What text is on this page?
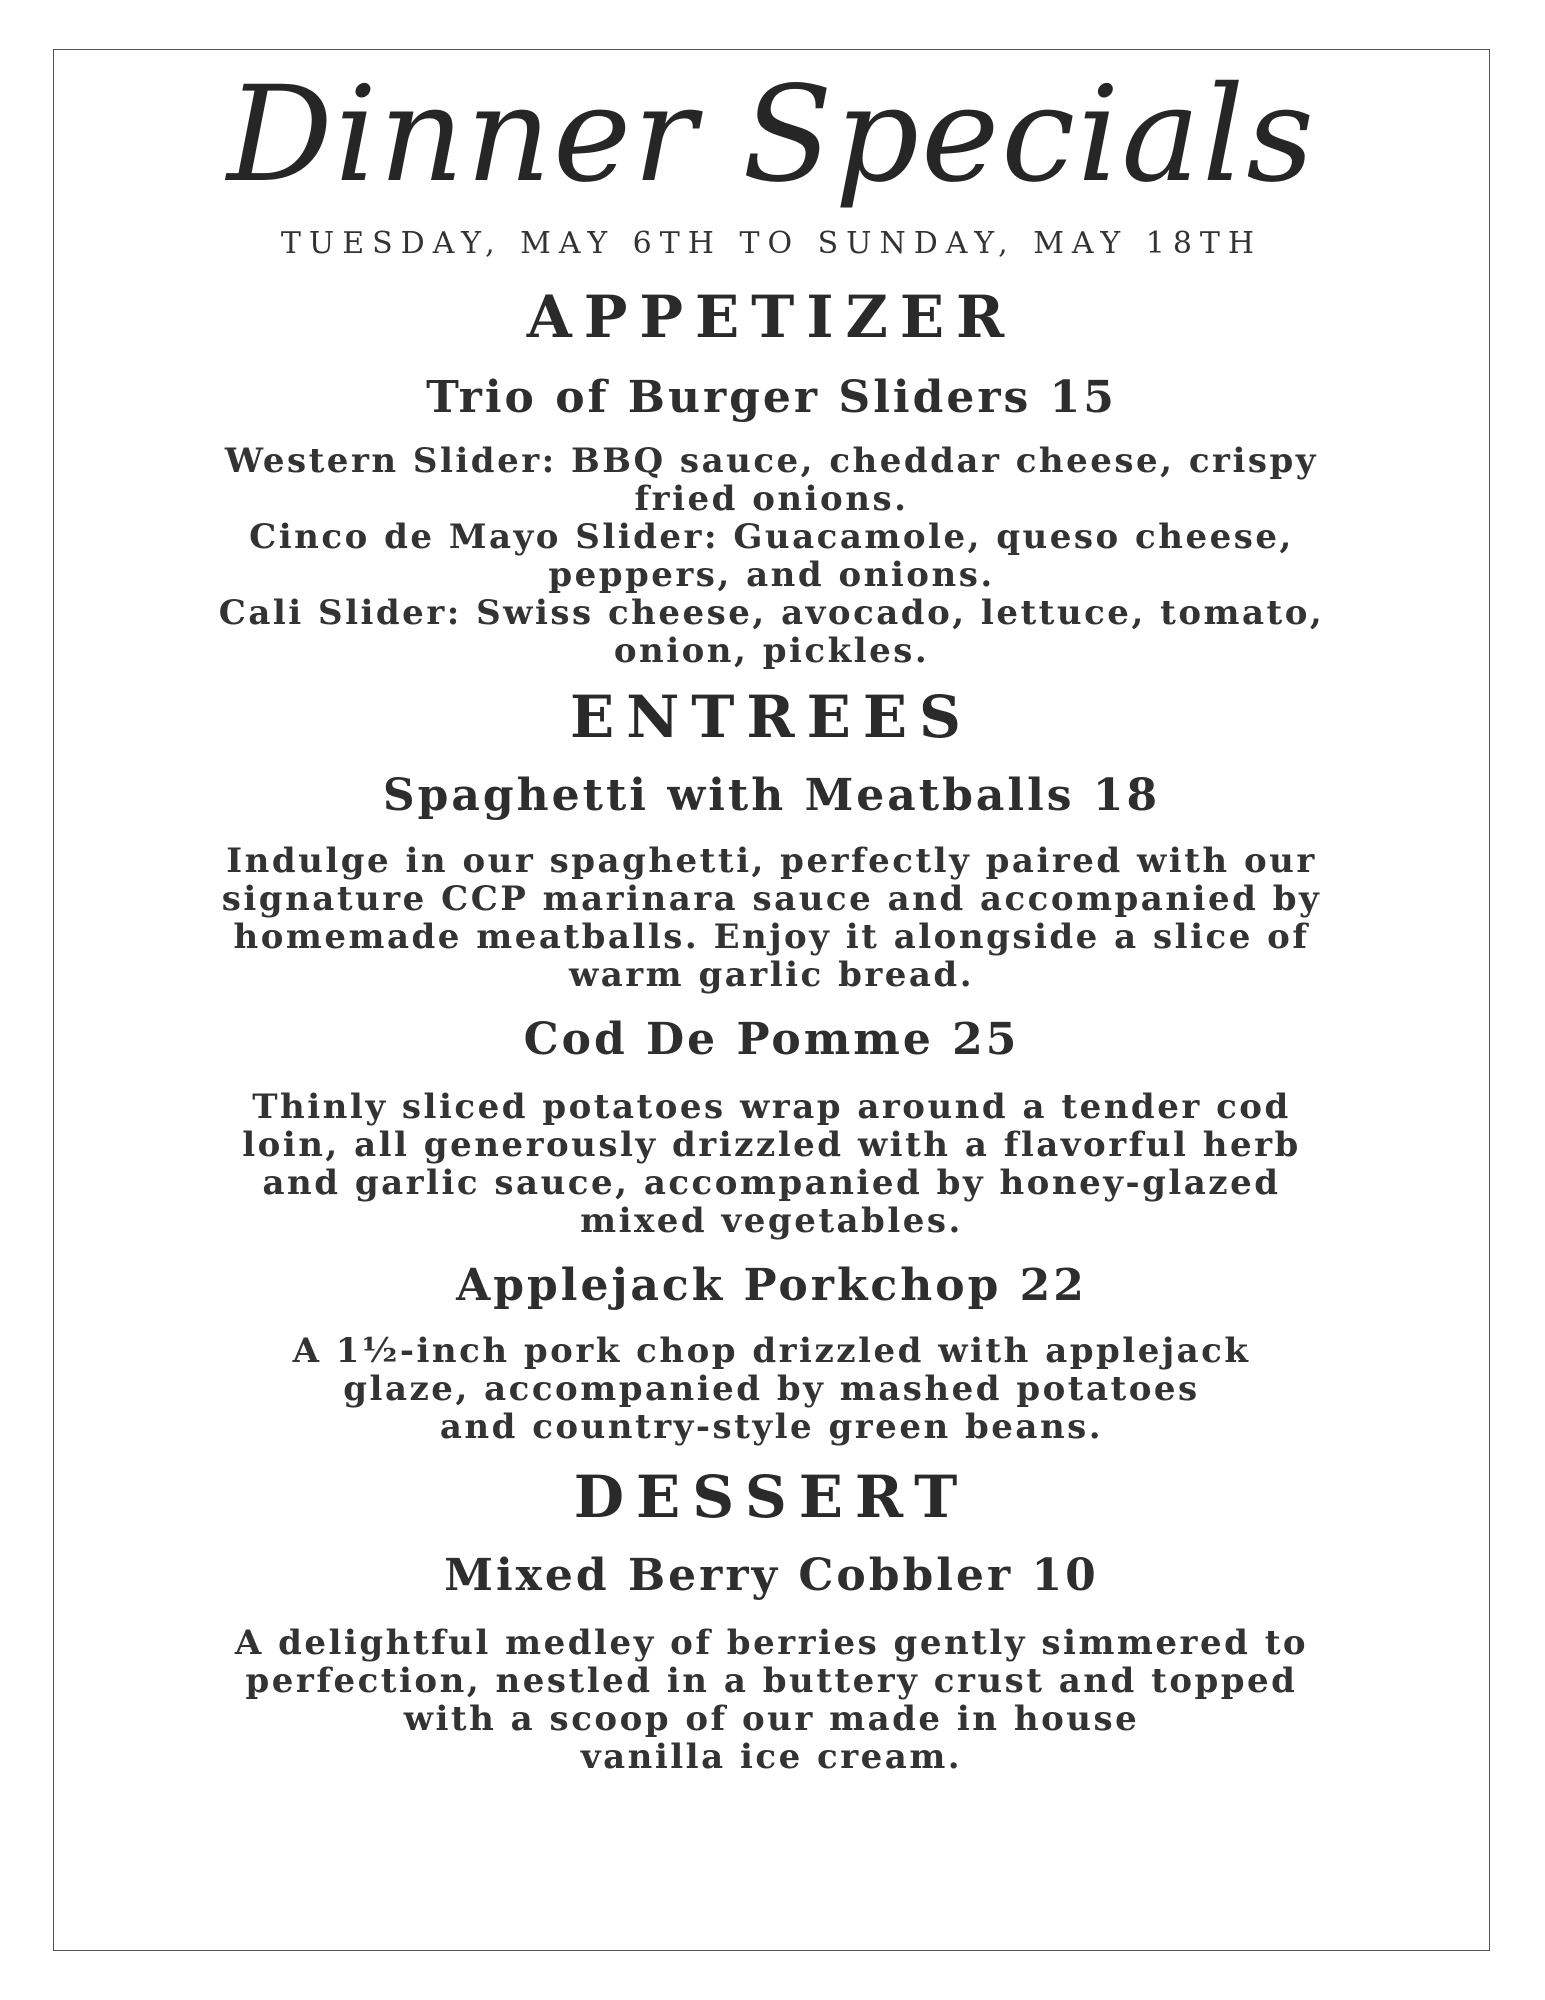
Dinner Specials
TUESDAY, MAY 6TH TO SUNDAY, MAY 18TH
APPETIZER
Trio of Burger Sliders 15
Western Slider: BBQ sauce, cheddar cheese, crispy
fried onions.
Cinco de Mayo Slider: Guacamole, queso cheese,
peppers, and onions.
Cali Slider: Swiss cheese, avocado, lettuce, tomato,
onion, pickles.
ENTREES
Spaghetti with Meatballs 18
Indulge in our spaghetti, perfectly paired with our
signature CCP marinara sauce and accompanied by
homemade meatballs. Enjoy it alongside a slice of
warm garlic bread.
Cod De Pomme 25
Thinly sliced potatoes wrap around a tender cod
loin, all generously drizzled with a flavorful herb
and garlic sauce, accompanied by honey-glazed
mixed vegetables.
Applejack Porkchop 22
A 1½-inch pork chop drizzled with applejack
glaze, accompanied by mashed potatoes
and country-style green beans.
DESSERT
Mixed Berry Cobbler 10
A delightful medley of berries gently simmered to
perfection, nestled in a buttery crust and topped
with a scoop of our made in house
vanilla ice cream.
